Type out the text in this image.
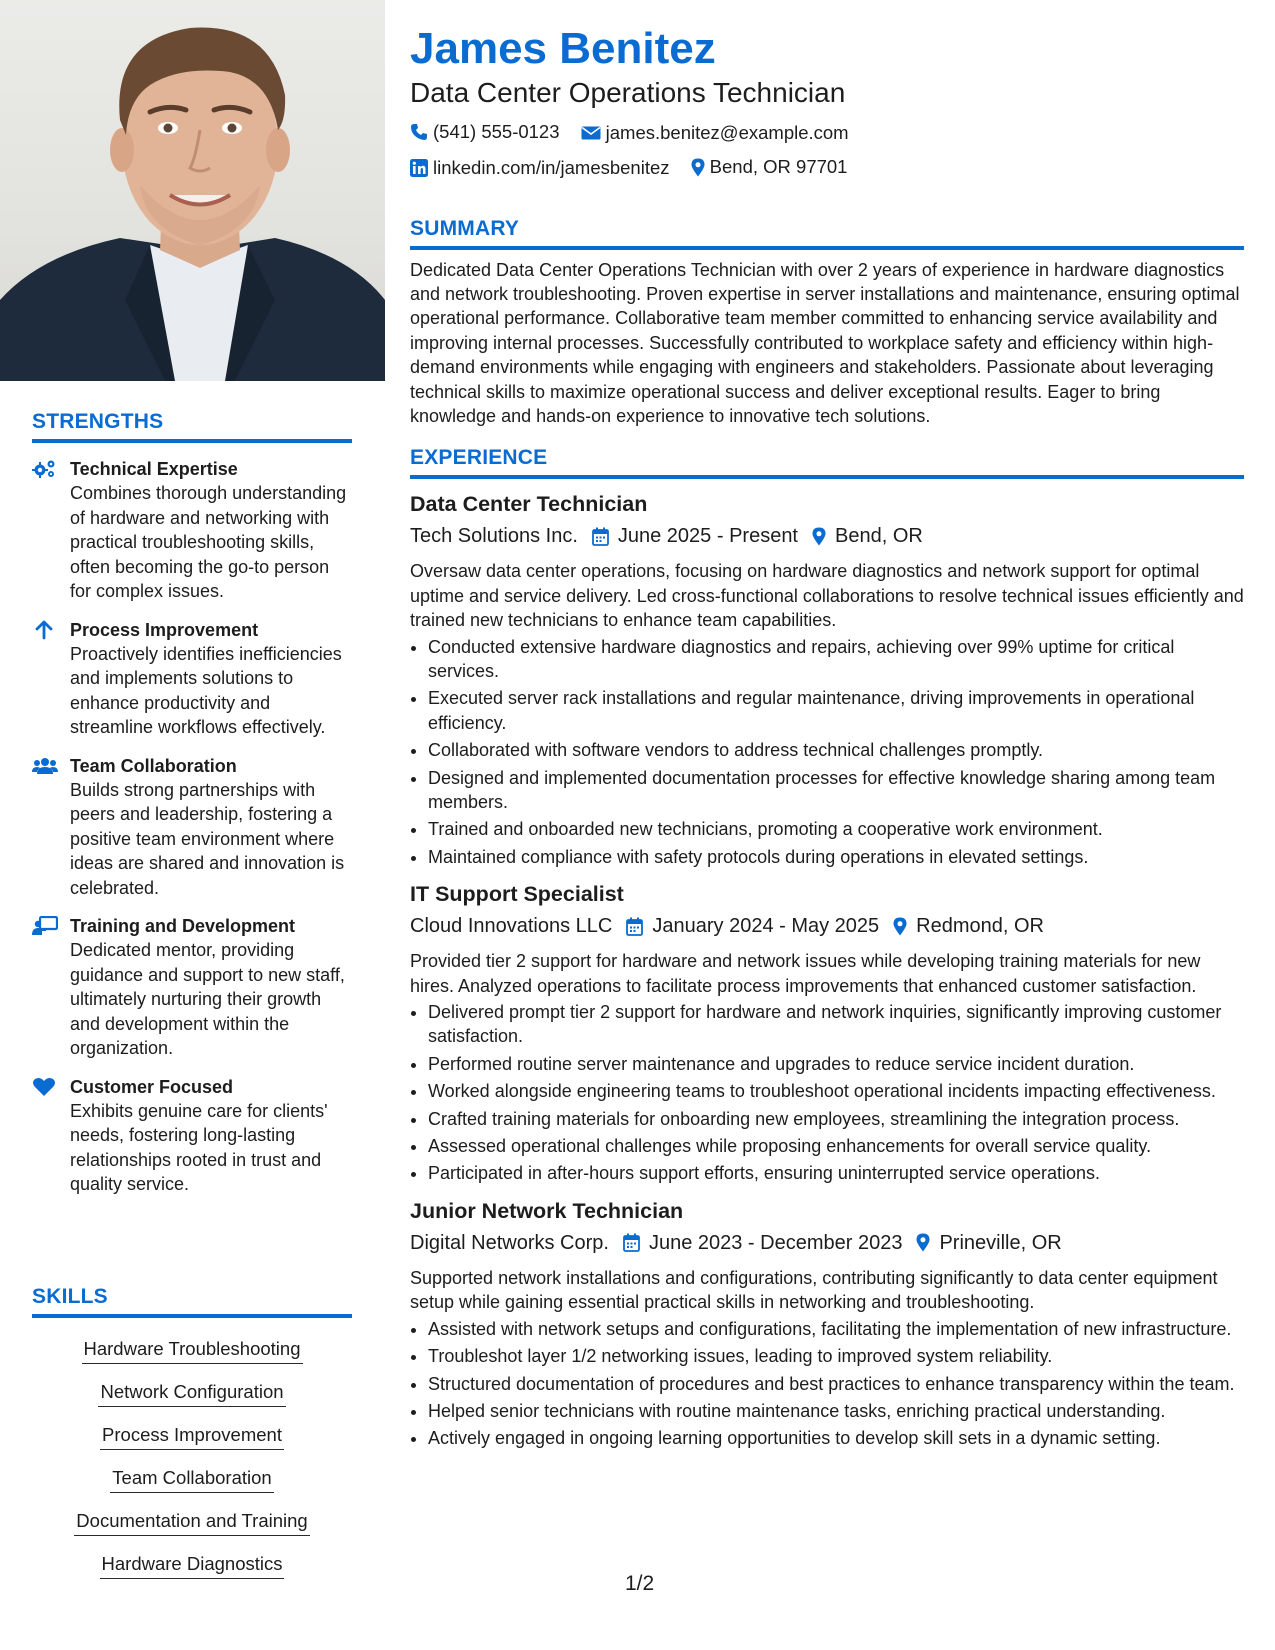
STRENGTHS
Technical Expertise
Combines thorough understanding of hardware and networking with practical troubleshooting skills, often becoming the go-to person for complex issues.
Process Improvement
Proactively identifies inefficiencies and implements solutions to enhance productivity and streamline workflows effectively.
Team Collaboration
Builds strong partnerships with peers and leadership, fostering a positive team environment where ideas are shared and innovation is celebrated.
Training and Development
Dedicated mentor, providing guidance and support to new staff, ultimately nurturing their growth and development within the organization.
Customer Focused
Exhibits genuine care for clients' needs, fostering long-lasting relationships rooted in trust and quality service.
SKILLS
Hardware Troubleshooting
Network Configuration
Process Improvement
Team Collaboration
Documentation and Training
Hardware Diagnostics
James Benitez
Data Center Operations Technician
(541) 555-0123
james.benitez@example.com
linkedin.com/in/jamesbenitez
Bend, OR 97701
SUMMARY

Dedicated Data Center Operations Technician with over 2 years of experience in hardware diagnostics and network troubleshooting. Proven expertise in server installations and maintenance, ensuring optimal operational performance. Collaborative team member committed to enhancing service availability and improving internal processes. Successfully contributed to workplace safety and efficiency within high-demand environments while engaging with engineers and stakeholders. Passionate about leveraging technical skills to maximize operational success and deliver exceptional results. Eager to bring knowledge and hands-on experience to innovative tech solutions.

EXPERIENCE
Data Center Technician
Tech Solutions Inc. June 2025 - Present Bend, OR

Oversaw data center operations, focusing on hardware diagnostics and network support for optimal uptime and service delivery. Led cross-functional collaborations to resolve technical issues efficiently and trained new technicians to enhance team capabilities.

• Conducted extensive hardware diagnostics and repairs, achieving over 99% uptime for critical services.
• Executed server rack installations and regular maintenance, driving improvements in operational efficiency.
• Collaborated with software vendors to address technical challenges promptly.
• Designed and implemented documentation processes for effective knowledge sharing among team members.
• Trained and onboarded new technicians, promoting a cooperative work environment.
• Maintained compliance with safety protocols during operations in elevated settings.
IT Support Specialist
Cloud Innovations LLC January 2024 - May 2025 Redmond, OR

Provided tier 2 support for hardware and network issues while developing training materials for new hires. Analyzed operations to facilitate process improvements that enhanced customer satisfaction.

• Delivered prompt tier 2 support for hardware and network inquiries, significantly improving customer satisfaction.
• Performed routine server maintenance and upgrades to reduce service incident duration.
• Worked alongside engineering teams to troubleshoot operational incidents impacting effectiveness.
• Crafted training materials for onboarding new employees, streamlining the integration process.
• Assessed operational challenges while proposing enhancements for overall service quality.
• Participated in after-hours support efforts, ensuring uninterrupted service operations.
Junior Network Technician
Digital Networks Corp. June 2023 - December 2023 Prineville, OR

Supported network installations and configurations, contributing significantly to data center equipment setup while gaining essential practical skills in networking and troubleshooting.

• Assisted with network setups and configurations, facilitating the implementation of new infrastructure.
• Troubleshot layer 1/2 networking issues, leading to improved system reliability.
• Structured documentation of procedures and best practices to enhance transparency within the team.
• Helped senior technicians with routine maintenance tasks, enriching practical understanding.
• Actively engaged in ongoing learning opportunities to develop skill sets in a dynamic setting.
1/2
